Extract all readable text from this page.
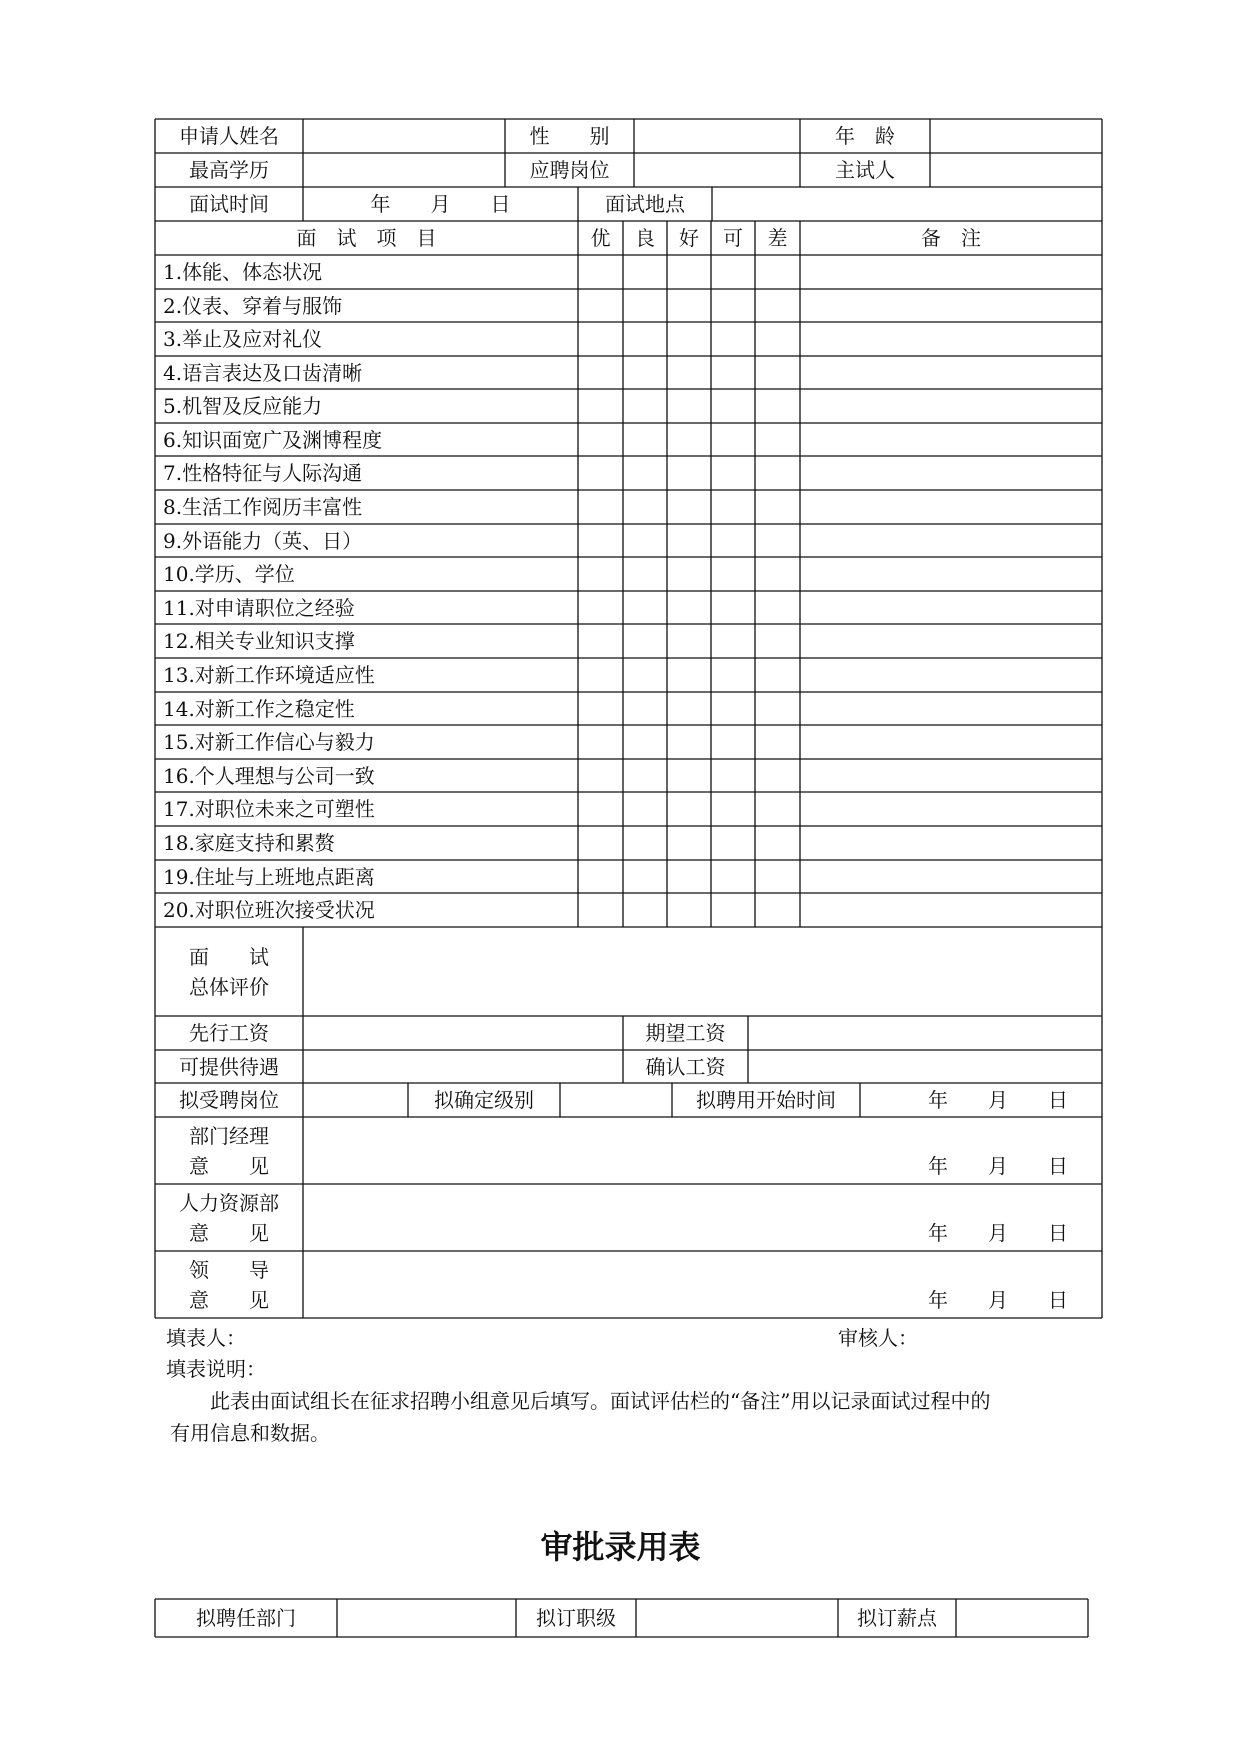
申请人姓名	性　　别	年　龄
最高学历	应聘岗位	主试人
面试时间	年　　月　　日	面试地点
面　试　项　目	优	良	好	可	差	备　注
1.体能、体态状况
2.仪表、穿着与服饰
3.举止及应对礼仪
4.语言表达及口齿清晰
5.机智及反应能力
6.知识面宽广及渊博程度
7.性格特征与人际沟通
8.生活工作阅历丰富性
9.外语能力（英、日）
10.学历、学位
11.对申请职位之经验
12.相关专业知识支撑
13.对新工作环境适应性
14.对新工作之稳定性
15.对新工作信心与毅力
16.个人理想与公司一致
17.对职位未来之可塑性
18.家庭支持和累赘
19.住址与上班地点距离
20.对职位班次接受状况
面　　试
总体评价
先行工资	期望工资
可提供待遇	确认工资
拟受聘岗位	拟确定级别	拟聘用开始时间	年　　月　　日
部门经理
意　　见	年　　月　　日
人力资源部
意　　见	年　　月　　日
领　　导
意　　见	年　　月　　日
填表人：	审核人：
填表说明：
此表由面试组长在征求招聘小组意见后填写。面试评估栏的“备注”用以记录面试过程中的
有用信息和数据。
审批录用表
拟聘任部门	拟订职级	拟订薪点
